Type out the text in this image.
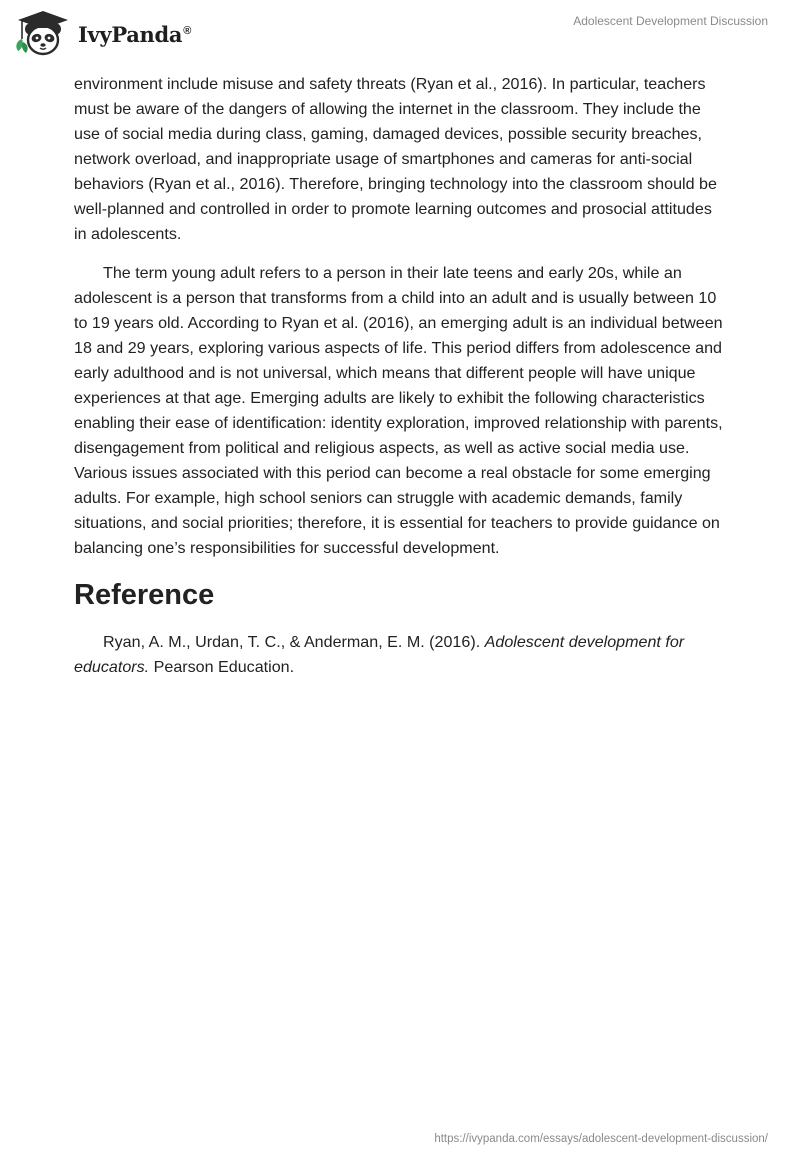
IvyPanda®
Adolescent Development Discussion

environment include misuse and safety threats (Ryan et al., 2016). In particular, teachers must be aware of the dangers of allowing the internet in the classroom. They include the use of social media during class, gaming, damaged devices, possible security breaches, network overload, and inappropriate usage of smartphones and cameras for anti-social behaviors (Ryan et al., 2016). Therefore, bringing technology into the classroom should be well-planned and controlled in order to promote learning outcomes and prosocial attitudes in adolescents.

The term young adult refers to a person in their late teens and early 20s, while an adolescent is a person that transforms from a child into an adult and is usually between 10 to 19 years old. According to Ryan et al. (2016), an emerging adult is an individual between 18 and 29 years, exploring various aspects of life. This period differs from adolescence and early adulthood and is not universal, which means that different people will have unique experiences at that age. Emerging adults are likely to exhibit the following characteristics enabling their ease of identification: identity exploration, improved relationship with parents, disengagement from political and religious aspects, as well as active social media use. Various issues associated with this period can become a real obstacle for some emerging adults. For example, high school seniors can struggle with academic demands, family situations, and social priorities; therefore, it is essential for teachers to provide guidance on balancing one’s responsibilities for successful development.

Reference

Ryan, A. M., Urdan, T. C., & Anderman, E. M. (2016). Adolescent development for educators. Pearson Education.

https://ivypanda.com/essays/adolescent-development-discussion/
